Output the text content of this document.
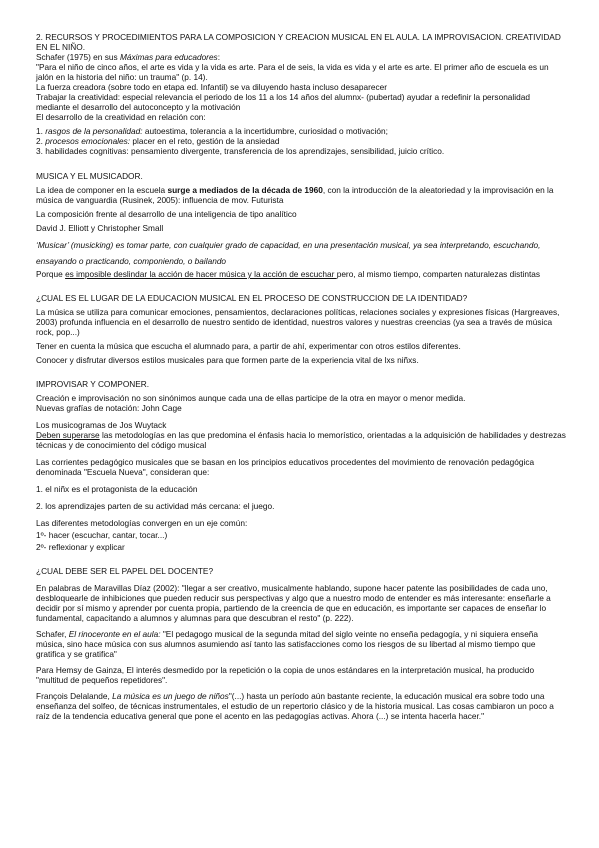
2. RECURSOS Y PROCEDIMIENTOS PARA LA COMPOSICION Y CREACION MUSICAL EN EL AULA. LA IMPROVISACION. CREATIVIDAD EN EL NIÑO.

Schafer (1975) en sus Máximas para educadores:

"Para el niño de cinco años, el arte es vida y la vida es arte. Para el de seis, la vida es vida y el arte es arte. El primer año de escuela es un jalón en la historia del niño: un trauma" (p. 14).

La fuerza creadora (sobre todo en etapa ed. Infantil) se va diluyendo hasta incluso desaparecer

Trabajar la creatividad: especial relevancia el periodo de los 11 a los 14 años del alumnx- (pubertad) ayudar a redefinir la personalidad mediante el desarrollo del autoconcepto y la motivación

El desarrollo de la creatividad en relación con:

1. rasgos de la personalidad: autoestima, tolerancia a la incertidumbre, curiosidad o motivación;
2. procesos emocionales: placer en el reto, gestión de la ansiedad
3. habilidades cognitivas: pensamiento divergente, transferencia de los aprendizajes, sensibilidad, juicio crítico.

MUSICA Y EL MUSICADOR.

La idea de componer en la escuela surge a mediados de la década de 1960, con la introducción de la aleatoriedad y la improvisación en la música de vanguardia (Rusinek, 2005): influencia de mov. Futurista

La composición frente al desarrollo de una inteligencia de tipo analítico

David J. Elliott y Christopher Small

‘Musicar’ (musicking) es tomar parte, con cualquier grado de capacidad, en una presentación musical, ya sea interpretando, escuchando, ensayando o practicando, componiendo, o bailando

Porque es imposible deslindar la acción de hacer música y la acción de escuchar pero, al mismo tiempo, comparten naturalezas distintas

¿CUAL ES EL LUGAR DE LA EDUCACION MUSICAL EN EL PROCESO DE CONSTRUCCION DE LA IDENTIDAD?

La música se utiliza para comunicar emociones, pensamientos, declaraciones políticas, relaciones sociales y expresiones físicas (Hargreaves, 2003) profunda influencia en el desarrollo de nuestro sentido de identidad, nuestros valores y nuestras creencias (ya sea a través de música rock, pop...)

Tener en cuenta la música que escucha el alumnado para, a partir de ahí, experimentar con otros estilos diferentes.

Conocer y disfrutar diversos estilos musicales para que formen parte de la experiencia vital de lxs niñxs.

IMPROVISAR Y COMPONER.

Creación e improvisación no son sinónimos aunque cada una de ellas participe de la otra en mayor o menor medida.

Nuevas grafías de notación: John Cage

Los musicogramas de Jos Wuytack

Deben superarse las metodologías en las que predomina el énfasis hacia lo memorístico, orientadas a la adquisición de habilidades y destrezas técnicas y de conocimiento del código musical

Las corrientes pedagógico musicales que se basan en los principios educativos procedentes del movimiento de renovación pedagógica denominada "Escuela Nueva", consideran que:

1. el niñx es el protagonista de la educación

2. los aprendizajes parten de su actividad más cercana: el juego.

Las diferentes metodologías convergen en un eje común:

1º- hacer (escuchar, cantar, tocar...)

2º- reflexionar y explicar

¿CUAL DEBE SER EL PAPEL DEL DOCENTE?

En palabras de Maravillas Díaz (2002): "llegar a ser creativo, musicalmente hablando, supone hacer patente las posibilidades de cada uno, desbloquearle de inhibiciones que pueden reducir sus perspectivas y algo que a nuestro modo de entender es más interesante: enseñarle a decidir por sí mismo y aprender por cuenta propia, partiendo de la creencia de que en educación, es importante ser capaces de enseñar lo fundamental, capacitando a alumnos y alumnas para que descubran el resto" (p. 222).

Schafer, El rinoceronte en el aula: "El pedagogo musical de la segunda mitad del siglo veinte no enseña pedagogía, y ni siquiera enseña música, sino hace música con sus alumnos asumiendo así tanto las satisfacciones como los riesgos de su libertad al mismo tiempo que gratifica y se gratifica"

Para Hemsy de Gainza, El interés desmedido por la repetición o la copia de unos estándares en la interpretación musical, ha producido "multitud de pequeños repetidores".

François Delalande, La música es un juego de niños"(...) hasta un período aún bastante reciente, la educación musical era sobre todo una enseñanza del solfeo, de técnicas instrumentales, el estudio de un repertorio clásico y de la historia musical. Las cosas cambiaron un poco a raíz de la tendencia educativa general que pone el acento en las pedagogías activas. Ahora (...) se intenta hacerla hacer."
